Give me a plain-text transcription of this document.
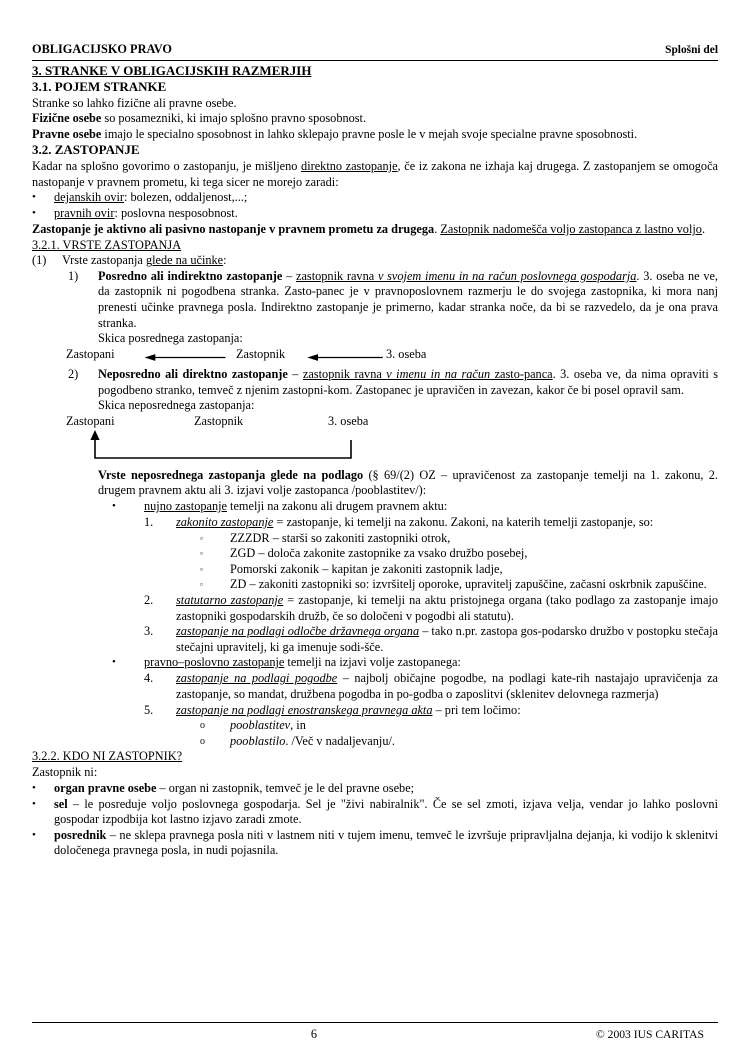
OBLIGACIJSKO PRAVO	Splošni del
3. STRANKE V OBLIGACIJSKIH RAZMERJIH
3.1. POJEM STRANKE

Stranke so lahko fizične ali pravne osebe.

Fizične osebe so posamezniki, ki imajo splošno pravno sposobnost.

Pravne osebe imajo le specialno sposobnost in lahko sklepajo pravne posle le v mejah svoje specialne pravne sposobnosti.

3.2. ZASTOPANJE

Kadar na splošno govorimo o zastopanju, je mišljeno direktno zastopanje, če iz zakona ne izhaja kaj drugega. Z zastopanjem se omogoča nastopanje v pravnem prometu, ki tega sicer ne morejo zaradi:

•	dejanskih ovir: bolezen, oddaljenost,...;
•	pravnih ovir: poslovna nesposobnost.

Zastopanje je aktivno ali pasivno nastopanje v pravnem prometu za drugega. Zastopnik nadomešča voljo zastopanca z lastno voljo.

3.2.1. VRSTE ZASTOPANJA
(1)	Vrste zastopanja glede na učinke:
1)	Posredno ali indirektno zastopanje – zastopnik ravna v svojem imenu in na račun poslovnega gospodarja. 3. oseba ne ve, da zastopnik ni pogodbena stranka. Zasto-panec je v pravnoposlovnem razmerju le do svojega zastopnika, ki mora nanj prenesti učinke pravnega posla. Indirektno zastopanje je primerno, kadar stranka noče, da bi se razvedelo, da je ona prava stranka.
Skica posrednega zastopanja:
Zastopani	Zastopnik	3. oseba
2)	Neposredno ali direktno zastopanje – zastopnik ravna v imenu in na račun zasto-panca. 3. oseba ve, da nima opraviti s pogodbeno stranko, temveč z njenim zastopni-kom. Zastopanec je upravičen in zavezan, kakor če bi posel opravil sam.
Skica neposrednega zastopanja:
Zastopani	Zastopnik	3. oseba

Vrste neposrednega zastopanja glede na podlago (§ 69/(2) OZ – upravičenost za zastopanje temelji na 1. zakonu, 2. drugem pravnem aktu ali 3. izjavi volje zastopanca /pooblastitev/):

•	nujno zastopanje temelji na zakonu ali drugem pravnem aktu:
1.	zakonito zastopanje = zastopanje, ki temelji na zakonu. Zakoni, na katerih temelji zastopanje, so:
▫	ZZZDR – starši so zakoniti zastopniki otrok,
▫	ZGD – določa zakonite zastopnike za vsako družbo posebej,
▫	Pomorski zakonik – kapitan je zakoniti zastopnik ladje,
▫	ZD – zakoniti zastopniki so: izvršitelj oporoke, upravitelj zapuščine, začasni oskrbnik zapuščine.
2.	statutarno zastopanje = zastopanje, ki temelji na aktu pristojnega organa (tako podlago za zastopanje imajo zastopniki gospodarskih družb, če so določeni v pogodbi ali statutu).
3.	zastopanje na podlagi odločbe državnega organa – tako n.pr. zastopa gos-podarsko družbo v postopku stečaja stečajni upravitelj, ki ga imenuje sodi-šče.
•	pravno–poslovno zastopanje temelji na izjavi volje zastopanega:
4.	zastopanje na podlagi pogodbe – najbolj običajne pogodbe, na podlagi kate-rih nastajajo upravičenja za zastopanje, so mandat, družbena pogodba in po-godba o zaposlitvi (sklenitev delovnega razmerja)
5.	zastopanje na podlagi enostranskega pravnega akta – pri tem ločimo:
o	pooblastitev, in
o	pooblastilo. /Več v nadaljevanju/.
3.2.2. KDO NI ZASTOPNIK?

Zastopnik ni:

•	organ pravne osebe – organ ni zastopnik, temveč je le del pravne osebe;
•	sel – le posreduje voljo poslovnega gospodarja. Sel je "živi nabiralnik". Če se sel zmoti, izjava velja, vendar jo lahko poslovni gospodar izpodbija kot lastno izjavo zaradi zmote.
•	posrednik – ne sklepa pravnega posla niti v lastnem niti v tujem imenu, temveč le izvršuje pripravljalna dejanja, ki vodijo k sklenitvi določenega pravnega posla, in nudi pojasnila.
6	© 2003 IUS CARITAS
